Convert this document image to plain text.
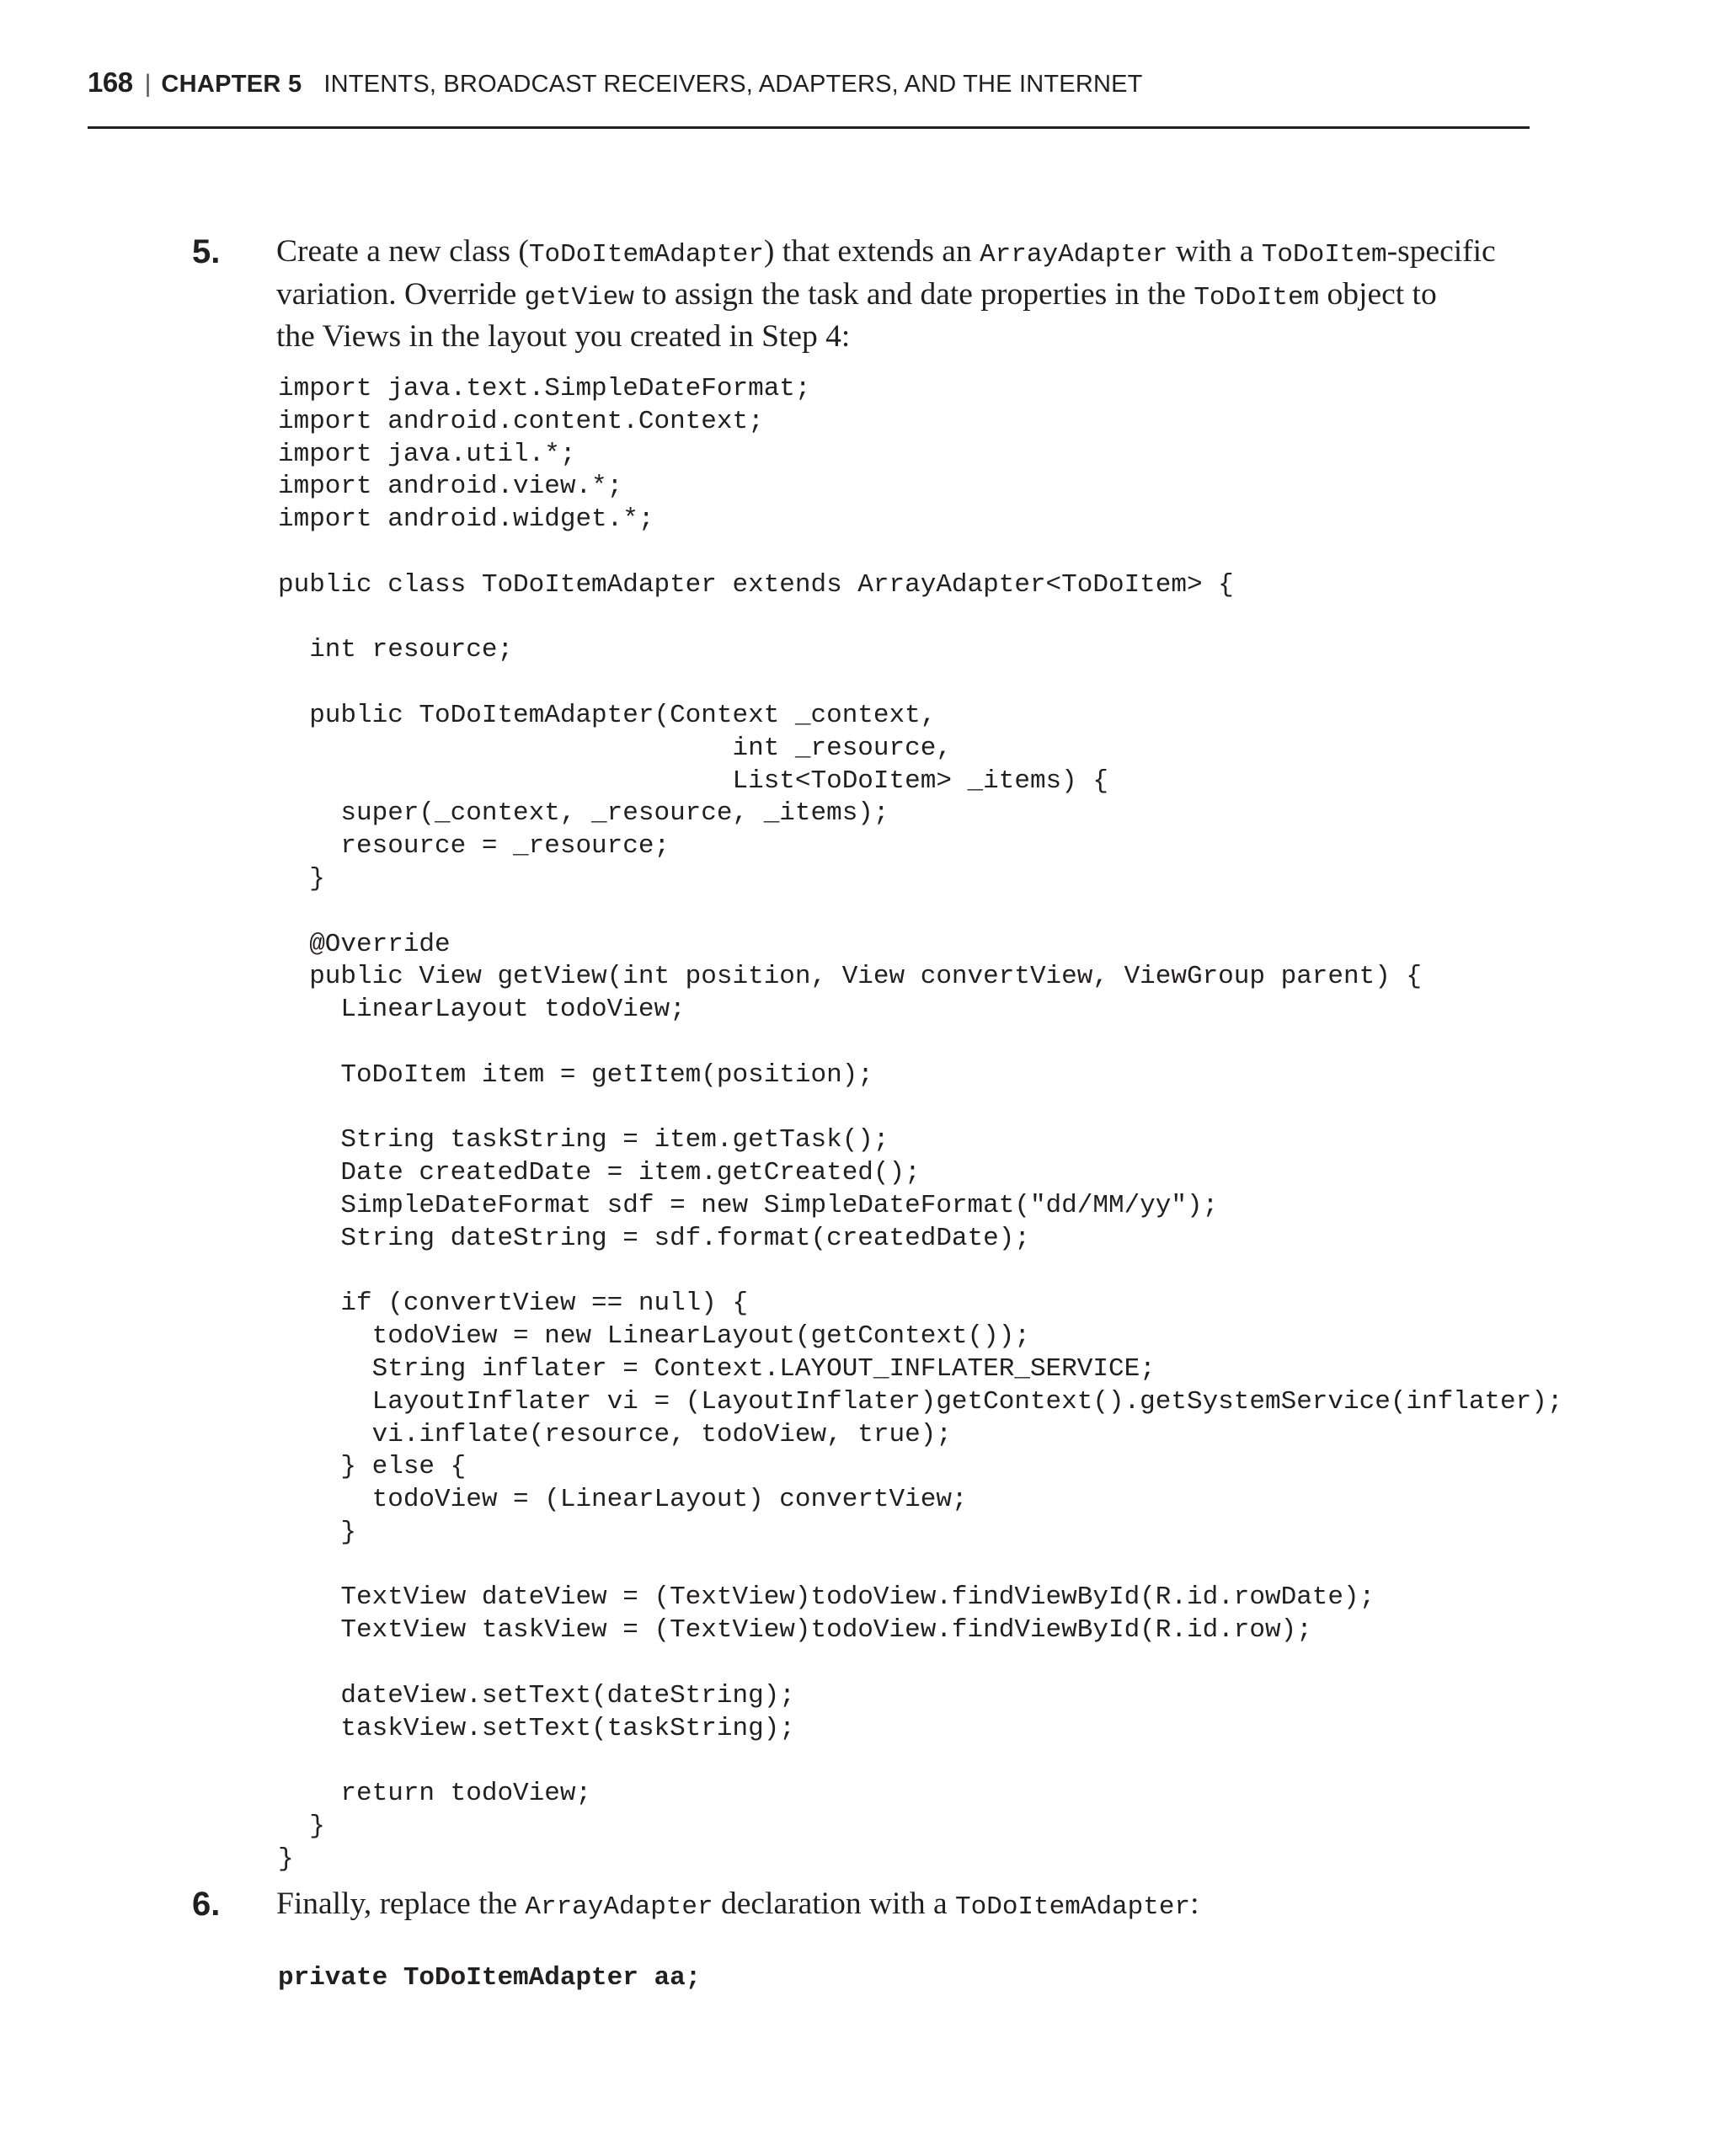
168 | CHAPTER 5 INTENTS, BROADCAST RECEIVERS, ADAPTERS, AND THE INTERNET
5. Create a new class (ToDoItemAdapter) that extends an ArrayAdapter with a ToDoItem-specific
variation. Override getView to assign the task and date properties in the ToDoItem object to
the Views in the layout you created in Step 4:
import java.text.SimpleDateFormat;
import android.content.Context;
import java.util.*;
import android.view.*;
import android.widget.*;

public class ToDoItemAdapter extends ArrayAdapter<ToDoItem> {

int resource;

public ToDoItemAdapter(Context _context,
int _resource,
List<ToDoItem> _items) {
super(_context, _resource, _items);
resource = _resource;
}

@Override
public View getView(int position, View convertView, ViewGroup parent) {
LinearLayout todoView;

ToDoItem item = getItem(position);

String taskString = item.getTask();
Date createdDate = item.getCreated();
SimpleDateFormat sdf = new SimpleDateFormat("dd/MM/yy");
String dateString = sdf.format(createdDate);

if (convertView == null) {
todoView = new LinearLayout(getContext());
String inflater = Context.LAYOUT_INFLATER_SERVICE;
LayoutInflater vi = (LayoutInflater)getContext().getSystemService(inflater);
vi.inflate(resource, todoView, true);
} else {
todoView = (LinearLayout) convertView;
}

TextView dateView = (TextView)todoView.findViewById(R.id.rowDate);
TextView taskView = (TextView)todoView.findViewById(R.id.row);

dateView.setText(dateString);
taskView.setText(taskString);

return todoView;
}
}
6. Finally, replace the ArrayAdapter declaration with a ToDoItemAdapter:
private ToDoItemAdapter aa;
